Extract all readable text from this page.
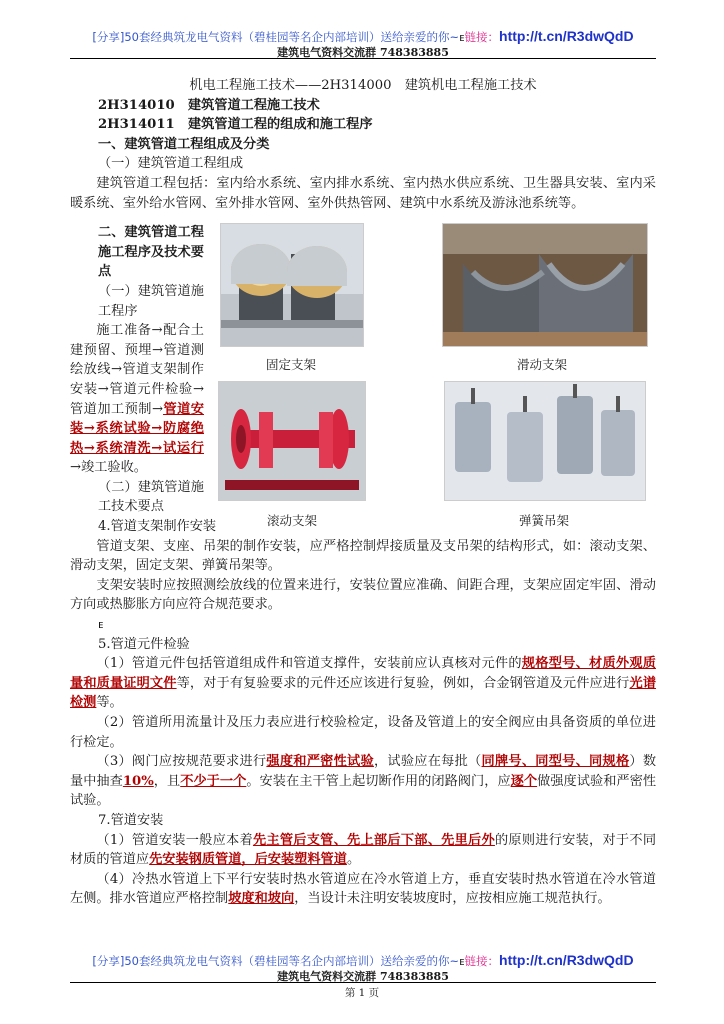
[分享]50套经典筑龙电气资料（碧桂园等名企内部培训）送给亲爱的你~ᴇ链接：http://t.cn/R3dwQdD
建筑电气资料交流群 748383885

机电工程施工技术——2H314000　建筑机电工程施工技术

2H314010　建筑管道工程施工技术

2H314011　建筑管道工程的组成和施工程序

一、建筑管道工程组成及分类

（一）建筑管道工程组成

建筑管道工程包括：室内给水系统、室内排水系统、室内热水供应系统、卫生器具安装、室内采暖系统、室外给水管网、室外排水管网、室外供热管网、建筑中水系统及游泳池系统等。

固定支架	滑动支架
滚动支架	弹簧吊架

二、建筑管道工程施工程序及技术要点

（一）建筑管道施工程序

施工准备→配合土建预留、预埋→管道测绘放线→管道支架制作安装→管道元件检验→管道加工预制→管道安装→系统试验→防腐绝热→系统清洗→试运行→竣工验收。

（二）建筑管道施工技术要点

4.管道支架制作安装

管道支架、支座、吊架的制作安装，应严格控制焊接质量及支吊架的结构形式，如：滚动支架、滑动支架，固定支架、弹簧吊架等。

支架安装时应按照测绘放线的位置来进行，安装位置应准确、间距合理，支架应固定牢固、滑动方向或热膨胀方向应符合规范要求。

ᴇ

5.管道元件检验

（1）管道元件包括管道组成件和管道支撑件，安装前应认真核对元件的规格型号、材质外观质量和质量证明文件等，对于有复验要求的元件还应该进行复验，例如，合金钢管道及元件应进行光谱检测等。

（2）管道所用流量计及压力表应进行校验检定，设备及管道上的安全阀应由具备资质的单位进行检定。

（3）阀门应按规范要求进行强度和严密性试验，试验应在每批（同牌号、同型号、同规格）数量中抽查10%，且不少于一个。安装在主干管上起切断作用的闭路阀门，应逐个做强度试验和严密性试验。

7.管道安装

（1）管道安装一般应本着先主管后支管、先上部后下部、先里后外的原则进行安装，对于不同材质的管道应先安装钢质管道，后安装塑料管道。

（4）冷热水管道上下平行安装时热水管道应在冷水管道上方，垂直安装时热水管道在冷水管道左侧。排水管道应严格控制坡度和坡向，当设计未注明安装坡度时，应按相应施工规范执行。

[分享]50套经典筑龙电气资料（碧桂园等名企内部培训）送给亲爱的你~ᴇ链接：http://t.cn/R3dwQdD
建筑电气资料交流群 748383885
第 1 页
